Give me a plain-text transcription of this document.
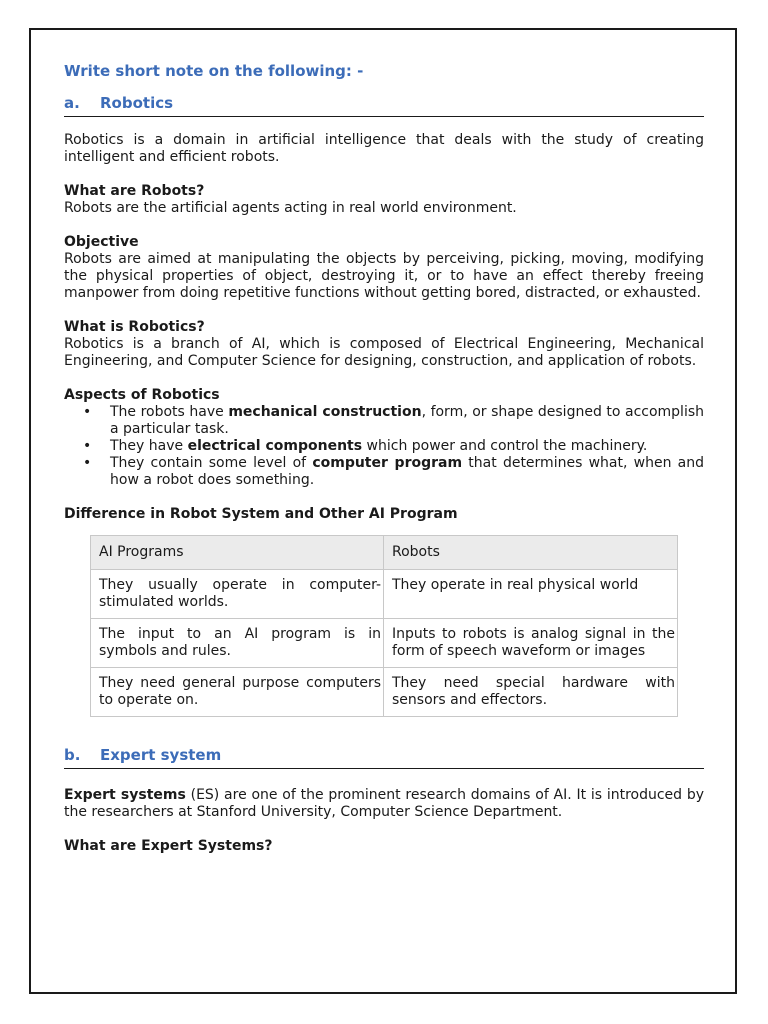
Write short note on the following: -
a.	Robotics

Robotics is a domain in artificial intelligence that deals with the study of creating intelligent and efficient robots.

What are Robots?

Robots are the artificial agents acting in real world environment.

Objective

Robots are aimed at manipulating the objects by perceiving, picking, moving, modifying the physical properties of object, destroying it, or to have an effect thereby freeing manpower from doing repetitive functions without getting bored, distracted, or exhausted.

What is Robotics?

Robotics is a branch of AI, which is composed of Electrical Engineering, Mechanical Engineering, and Computer Science for designing, construction, and application of robots.

Aspects of Robotics
• The robots have mechanical construction, form, or shape designed to accomplish a particular task.
• They have electrical components which power and control the machinery.
• They contain some level of computer program that determines what, when and how a robot does something.
Difference in Robot System and Other AI Program
AI Programs	Robots
They usually operate in computer-stimulated worlds.	They operate in real physical world
The input to an AI program is in symbols and rules.	Inputs to robots is analog signal in the form of speech waveform or images
They need general purpose computers to operate on.	They need special hardware with sensors and effectors.
b.	Expert system

Expert systems (ES) are one of the prominent research domains of AI. It is introduced by the researchers at Stanford University, Computer Science Department.

What are Expert Systems?
